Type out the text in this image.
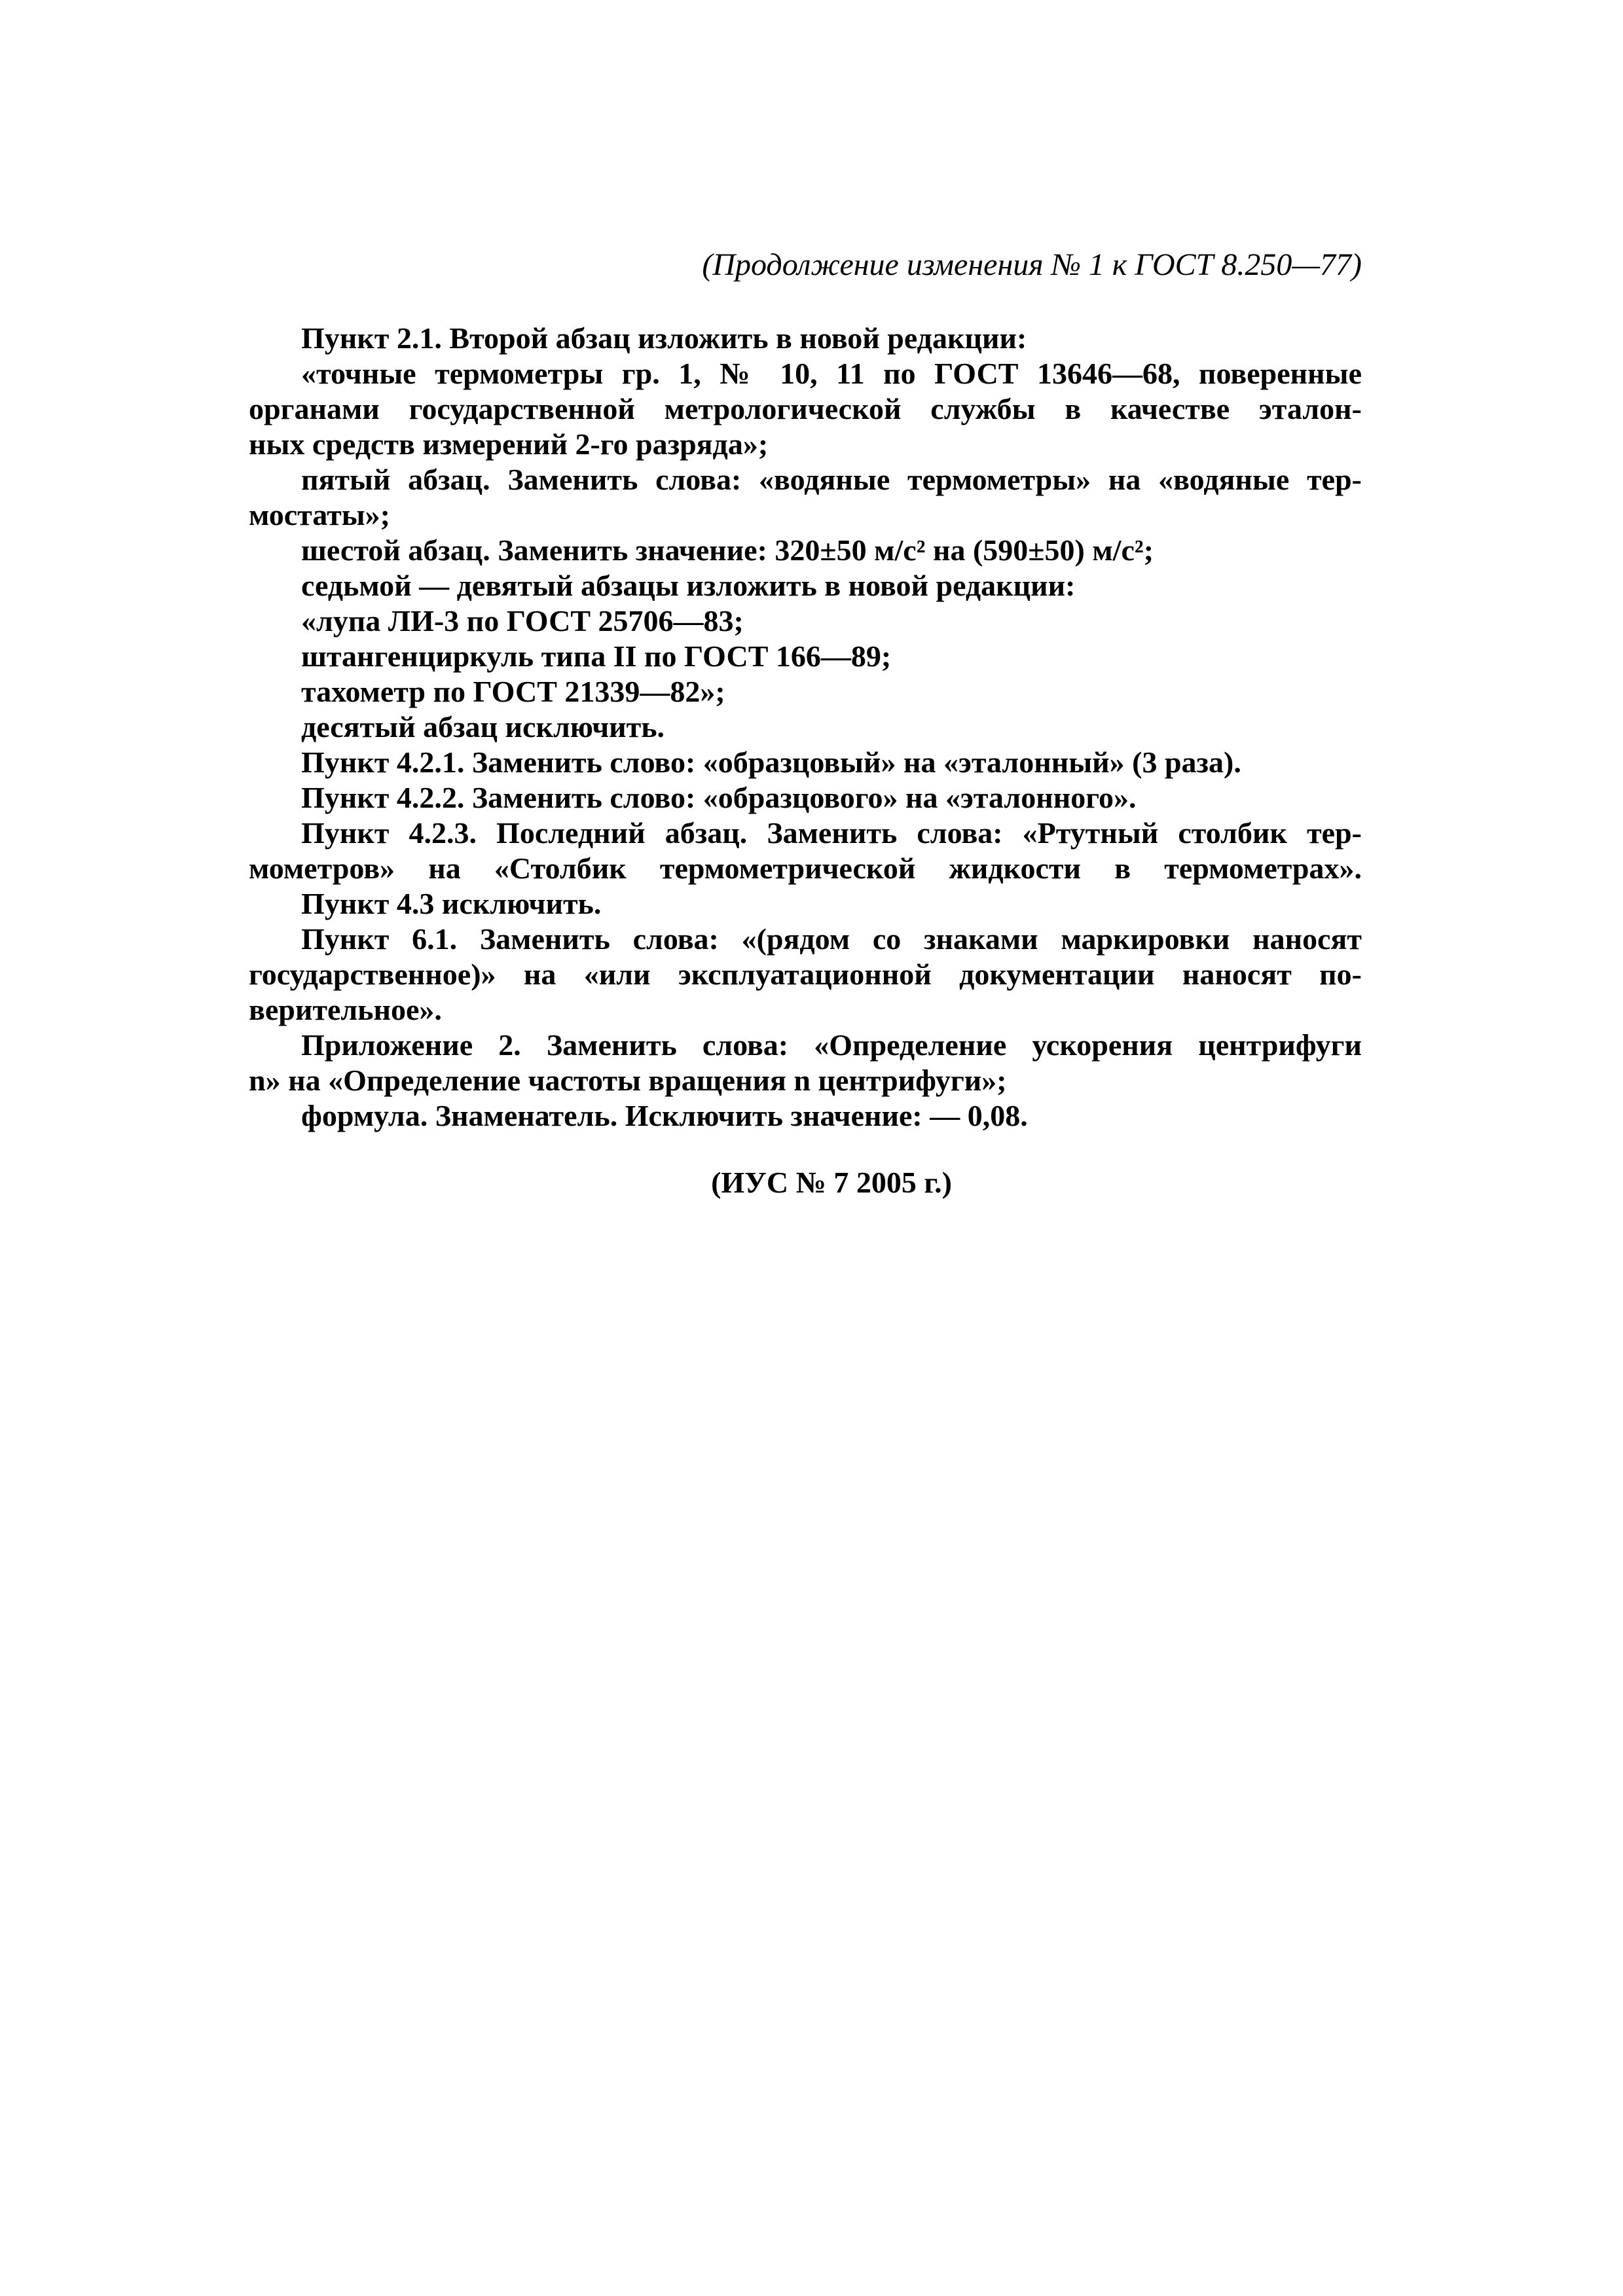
(Продолжение изменения № 1 к ГОСТ 8.250—77)
Пункт 2.1. Второй абзац изложить в новой редакции:
«точные термометры гр. 1, № 10, 11 по ГОСТ 13646—68, поверенные
органами государственной метрологической службы в качестве эталон-
ных средств измерений 2-го разряда»;
пятый абзац. Заменить слова: «водяные термометры» на «водяные тер-
мостаты»;
шестой абзац. Заменить значение: 320±50 м/с² на (590±50) м/с²;
седьмой — девятый абзацы изложить в новой редакции:
«лупа ЛИ-3 по ГОСТ 25706—83;
штангенциркуль типа II по ГОСТ 166—89;
тахометр по ГОСТ 21339—82»;
десятый абзац исключить.
Пункт 4.2.1. Заменить слово: «образцовый» на «эталонный» (3 раза).
Пункт 4.2.2. Заменить слово: «образцового» на «эталонного».
Пункт 4.2.3. Последний абзац. Заменить слова: «Ртутный столбик тер-
мометров» на «Столбик термометрической жидкости в термометрах».
Пункт 4.3 исключить.
Пункт 6.1. Заменить слова: «(рядом со знаками маркировки наносят
государственное)» на «или эксплуатационной документации наносят по-
верительное».
Приложение 2. Заменить слова: «Определение ускорения центрифуги
n» на «Определение частоты вращения n центрифуги»;
формула. Знаменатель. Исключить значение: — 0,08.
(ИУС № 7 2005 г.)
